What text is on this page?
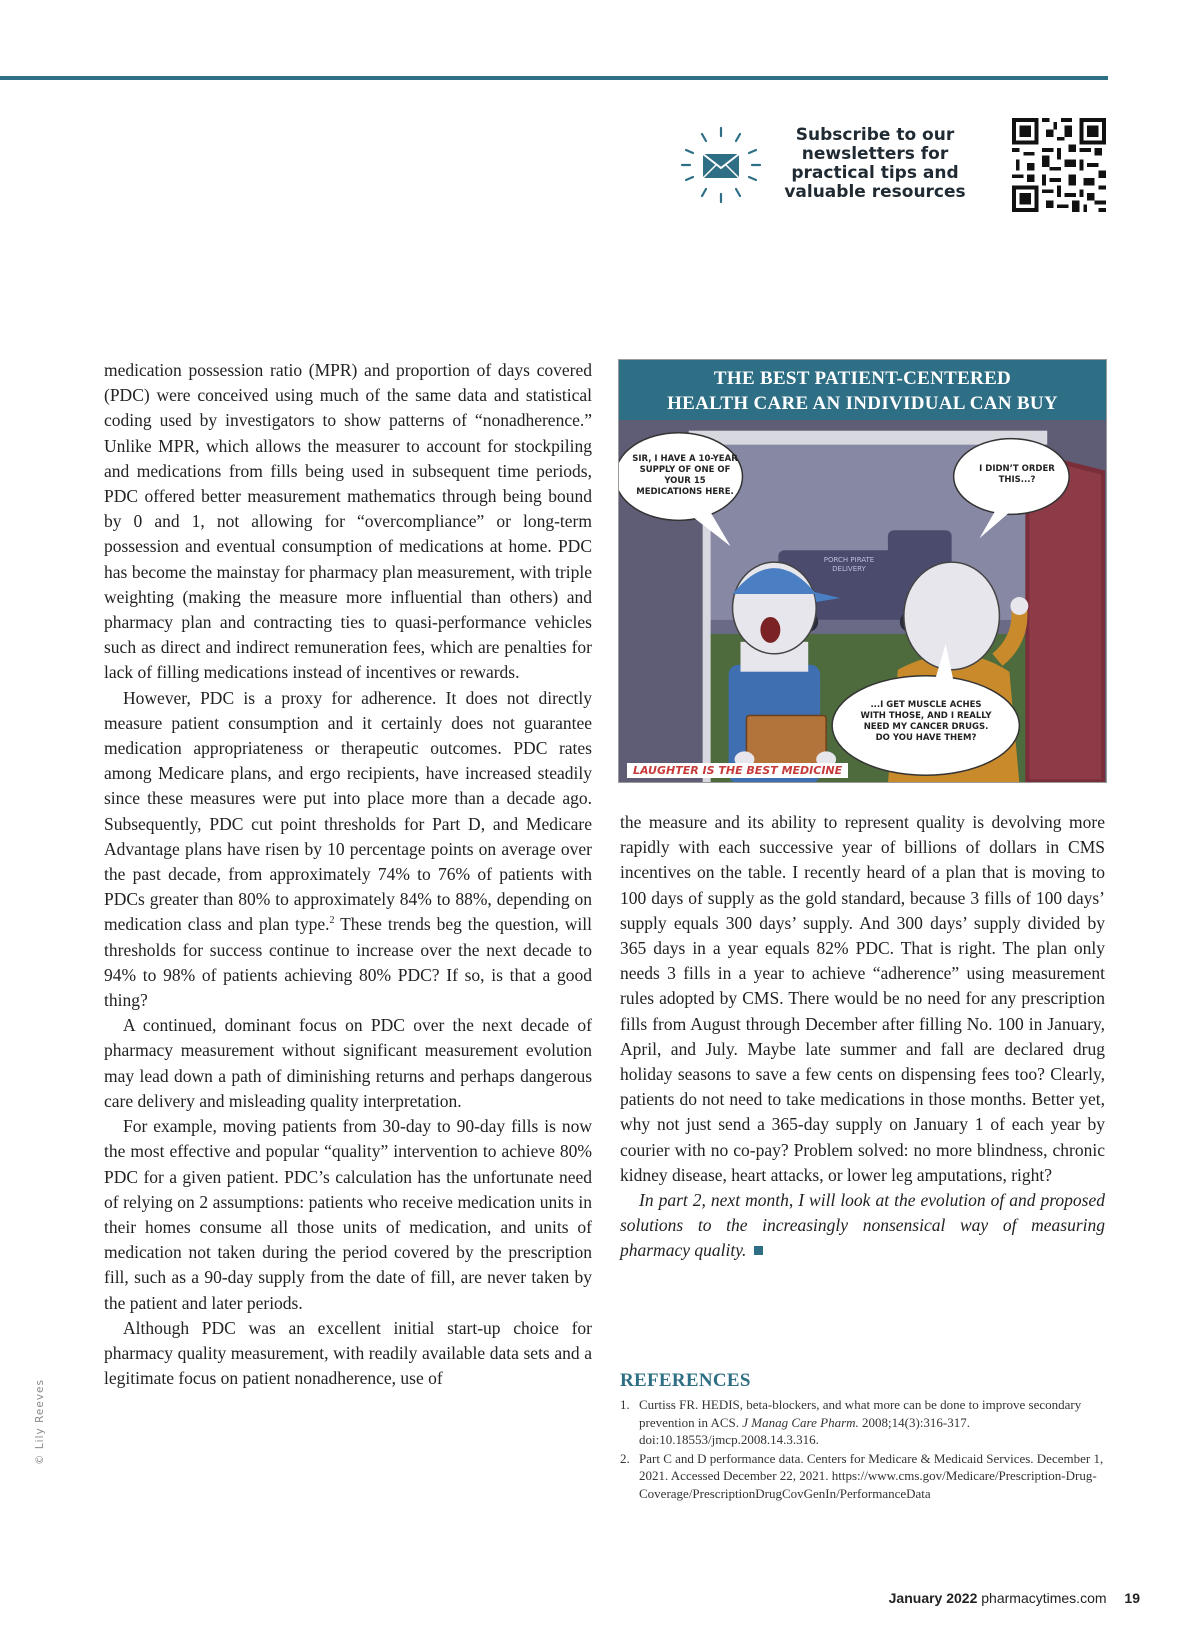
Subscribe to our newsletters for practical tips and valuable resources

medication possession ratio (MPR) and proportion of days covered (PDC) were conceived using much of the same data and statistical coding used by investigators to show patterns of “nonadherence.” Unlike MPR, which allows the measurer to account for stockpiling and medications from fills being used in subsequent time periods, PDC offered better measurement mathematics through being bound by 0 and 1, not allowing for “overcompliance” or long-term possession and eventual consumption of medications at home. PDC has become the mainstay for pharmacy plan measurement, with triple weighting (making the measure more influential than others) and pharmacy plan and contracting ties to quasi-performance vehicles such as direct and indirect remuneration fees, which are penalties for lack of filling medications instead of incentives or rewards.

However, PDC is a proxy for adherence. It does not directly measure patient consumption and it certainly does not guarantee medication appropriateness or therapeutic outcomes. PDC rates among Medicare plans, and ergo recipients, have increased steadily since these measures were put into place more than a decade ago. Subsequently, PDC cut point thresholds for Part D, and Medicare Advantage plans have risen by 10 percentage points on average over the past decade, from approximately 74% to 76% of patients with PDCs greater than 80% to approximately 84% to 88%, depending on medication class and plan type.$^2$ These trends beg the question, will thresholds for success continue to increase over the next decade to 94% to 98% of patients achieving 80% PDC? If so, is that a good thing?

A continued, dominant focus on PDC over the next decade of pharmacy measurement without significant measurement evolution may lead down a path of diminishing returns and perhaps dangerous care delivery and misleading quality interpretation.

For example, moving patients from 30-day to 90-day fills is now the most effective and popular “quality” intervention to achieve 80% PDC for a given patient. PDC’s calculation has the unfortunate need of relying on 2 assumptions: patients who receive medication units in their homes consume all those units of medication, and units of medication not taken during the period covered by the prescription fill, such as a 90-day supply from the date of fill, are never taken by the patient and later periods.

Although PDC was an excellent initial start-up choice for pharmacy quality measurement, with readily available data sets and a legitimate focus on patient nonadherence, use of

THE BEST PATIENT-CENTERED
HEALTH CARE AN INDIVIDUAL CAN BUY
SIR, I HAVE A 10-YEAR SUPPLY OF ONE OF YOUR 15 MEDICATIONS HERE.
I DIDN’T ORDER THIS...?
...I GET MUSCLE ACHES WITH THOSE, AND I REALLY NEED MY CANCER DRUGS. DO YOU HAVE THEM?
PORCH PIRATE DELIVERY
LAUGHTER IS THE BEST MEDICINE

the measure and its ability to represent quality is devolving more rapidly with each successive year of billions of dollars in CMS incentives on the table. I recently heard of a plan that is moving to 100 days of supply as the gold standard, because 3 fills of 100 days’ supply equals 300 days’ supply. And 300 days’ supply divided by 365 days in a year equals 82% PDC. That is right. The plan only needs 3 fills in a year to achieve “adherence” using measurement rules adopted by CMS. There would be no need for any prescription fills from August through December after filling No. 100 in January, April, and July. Maybe late summer and fall are declared drug holiday seasons to save a few cents on dispensing fees too? Clearly, patients do not need to take medications in those months. Better yet, why not just send a 365-day supply on January 1 of each year by courier with no co-pay? Problem solved: no more blindness, chronic kidney disease, heart attacks, or lower leg amputations, right?

In part 2, next month, I will look at the evolution of and proposed solutions to the increasingly nonsensical way of measuring pharmacy quality.

REFERENCES
1. Curtiss FR. HEDIS, beta-blockers, and what more can be done to improve secondary prevention in ACS. J Manag Care Pharm. 2008;14(3):316-317. doi:10.18553/jmcp.2008.14.3.316.
2. Part C and D performance data. Centers for Medicare & Medicaid Services. December 1, 2021. Accessed December 22, 2021. https://www.cms.gov/Medicare/Prescription-Drug-Coverage/PrescriptionDrugCovGenIn/PerformanceData
© Lily Reeves
January 2022 pharmacytimes.com 19
